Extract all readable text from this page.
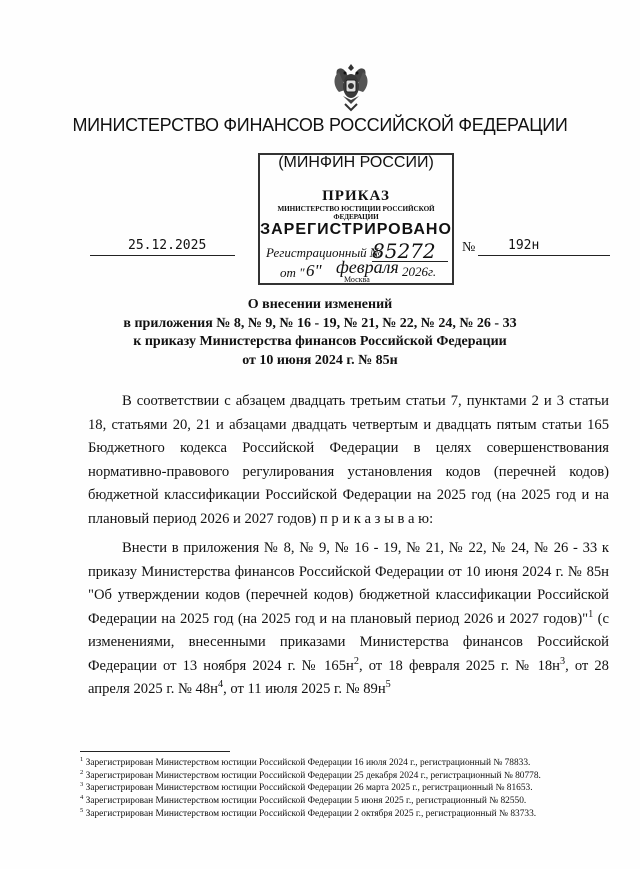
МИНИСТЕРСТВО ФИНАНСОВ РОССИЙСКОЙ ФЕДЕРАЦИИ
(МИНФИН РОССИИ)
ПРИКАЗ
МИНИСТЕРСТВО ЮСТИЦИИ РОССИЙСКОЙ ФЕДЕРАЦИИ
ЗАРЕГИСТРИРОВАНО
Регистрационный №
85272
от " 6" февраля
Москва
2026г.
25.12.2025	№	192н
О внесении изменений
в приложения № 8, № 9, № 16 - 19, № 21, № 22, № 24, № 26 - 33
к приказу Министерства финансов Российской Федерации
от 10 июня 2024 г. № 85н

В соответствии с абзацем двадцать третьим статьи 7, пунктами 2 и 3 статьи 18, статьями 20, 21 и абзацами двадцать четвертым и двадцать пятым статьи 165 Бюджетного кодекса Российской Федерации в целях совершенствования нормативно-правового регулирования установления кодов (перечней кодов) бюджетной классификации Российской Федерации на 2025 год (на 2025 год и на плановый период 2026 и 2027 годов) п р и к а з ы в а ю:

Внести в приложения № 8, № 9, № 16 - 19, № 21, № 22, № 24, № 26 - 33 к приказу Министерства финансов Российской Федерации от 10 июня 2024 г. № 85н "Об утверждении кодов (перечней кодов) бюджетной классификации Российской Федерации на 2025 год (на 2025 год и на плановый период 2026 и 2027 годов)"$^1$ (с изменениями, внесенными приказами Министерства финансов Российской Федерации от 13 ноября 2024 г. № $165н^2$, от 18 февраля 2025 г. № $18н^3$, от 28 апреля 2025 г. № $48н^4$, от 11 июля 2025 г. № $89н^5$

$^1$ Зарегистрирован Министерством юстиции Российской Федерации 16 июля 2024 г., регистрационный № 78833.
$^2$ Зарегистрирован Министерством юстиции Российской Федерации 25 декабря 2024 г., регистрационный № 80778.
$^3$ Зарегистрирован Министерством юстиции Российской Федерации 26 марта 2025 г., регистрационный № 81653.
$^4$ Зарегистрирован Министерством юстиции Российской Федерации 5 июня 2025 г., регистрационный № 82550.
$^5$ Зарегистрирован Министерством юстиции Российской Федерации 2 октября 2025 г., регистрационный № 83733.
